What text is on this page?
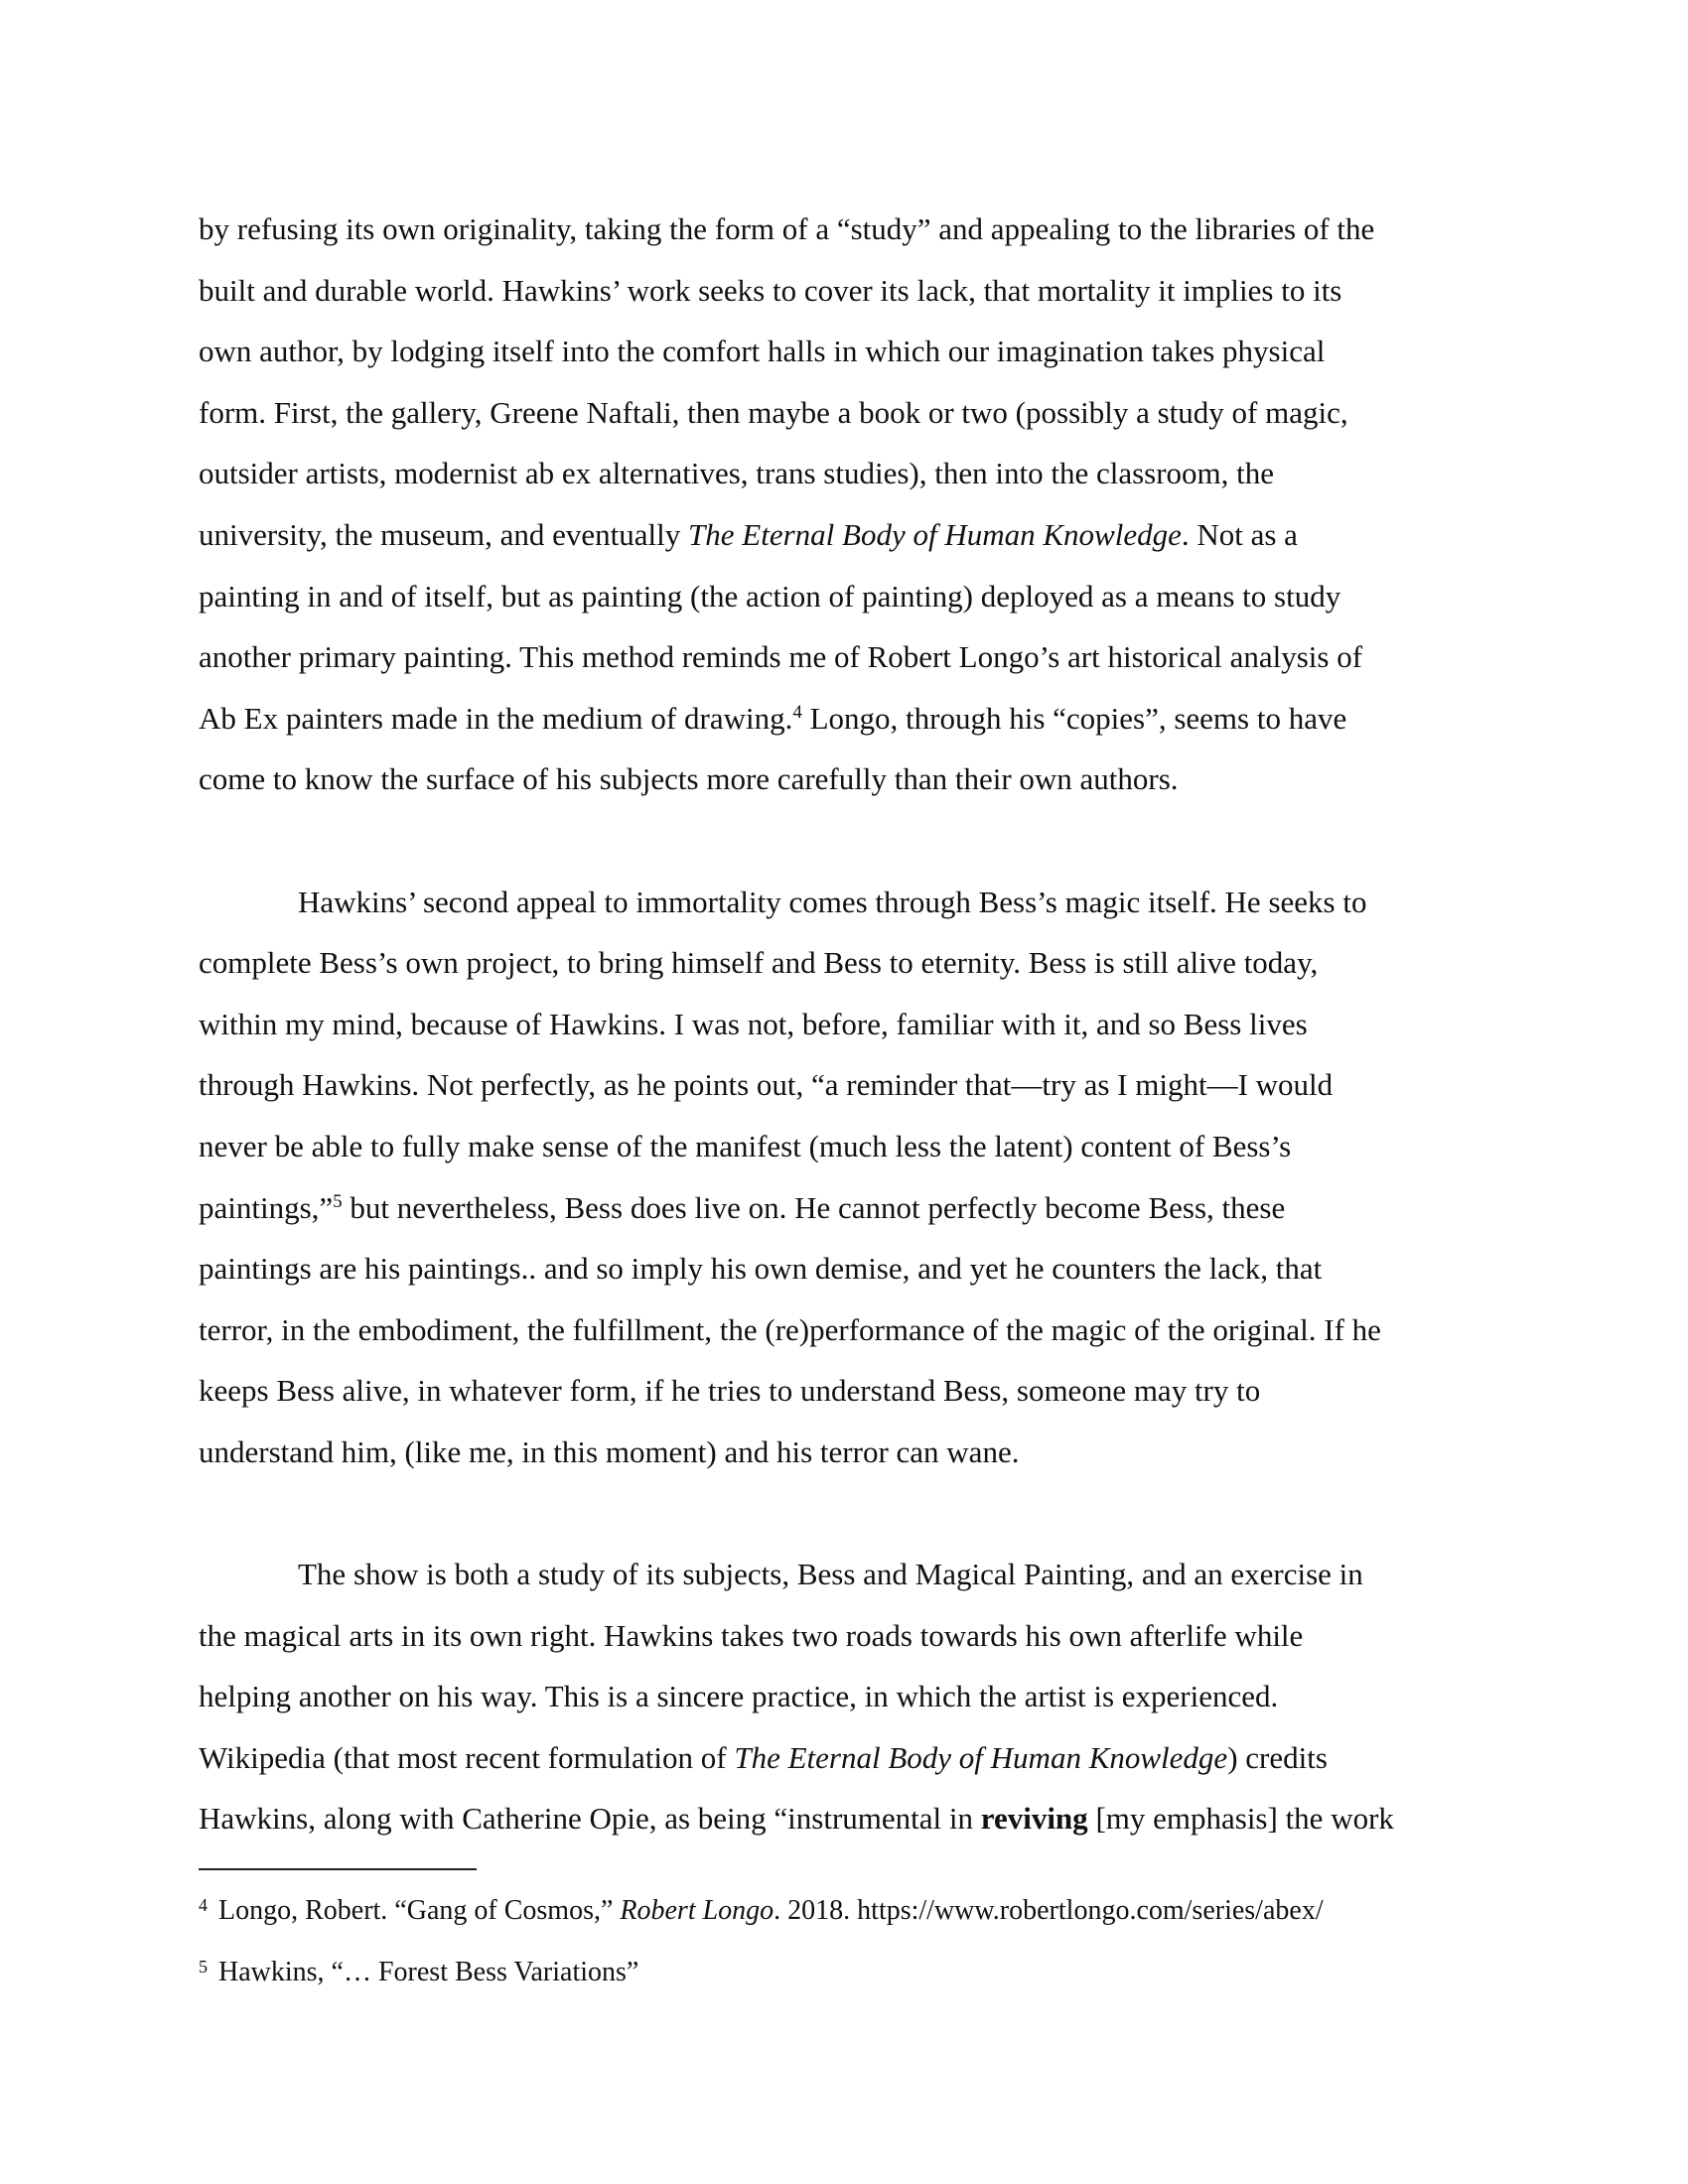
by refusing its own originality, taking the form of a “study” and appealing to the libraries of the
built and durable world. Hawkins’ work seeks to cover its lack, that mortality it implies to its
own author, by lodging itself into the comfort halls in which our imagination takes physical
form. First, the gallery, Greene Naftali, then maybe a book or two (possibly a study of magic,
outsider artists, modernist ab ex alternatives, trans studies), then into the classroom, the
university, the museum, and eventually The Eternal Body of Human Knowledge. Not as a
painting in and of itself, but as painting (the action of painting) deployed as a means to study
another primary painting. This method reminds me of Robert Longo’s art historical analysis of
Ab Ex painters made in the medium of drawing.$^4$ Longo, through his “copies”, seems to have
come to know the surface of his subjects more carefully than their own authors.

Hawkins’ second appeal to immortality comes through Bess’s magic itself. He seeks to
complete Bess’s own project, to bring himself and Bess to eternity. Bess is still alive today,
within my mind, because of Hawkins. I was not, before, familiar with it, and so Bess lives
through Hawkins. Not perfectly, as he points out, “a reminder that—try as I might—I would
never be able to fully make sense of the manifest (much less the latent) content of Bess’s
paintings,”$^5$ but nevertheless, Bess does live on. He cannot perfectly become Bess, these
paintings are his paintings.. and so imply his own demise, and yet he counters the lack, that
terror, in the embodiment, the fulfillment, the (re)performance of the magic of the original. If he
keeps Bess alive, in whatever form, if he tries to understand Bess, someone may try to
understand him, (like me, in this moment) and his terror can wane.

The show is both a study of its subjects, Bess and Magical Painting, and an exercise in
the magical arts in its own right. Hawkins takes two roads towards his own afterlife while
helping another on his way. This is a sincere practice, in which the artist is experienced.
Wikipedia (that most recent formulation of The Eternal Body of Human Knowledge) credits
Hawkins, along with Catherine Opie, as being “instrumental in reviving [my emphasis] the work

$^4$ Longo, Robert. “Gang of Cosmos,” Robert Longo. 2018. https://www.robertlongo.com/series/abex/
$^5$ Hawkins, “… Forest Bess Variations”
